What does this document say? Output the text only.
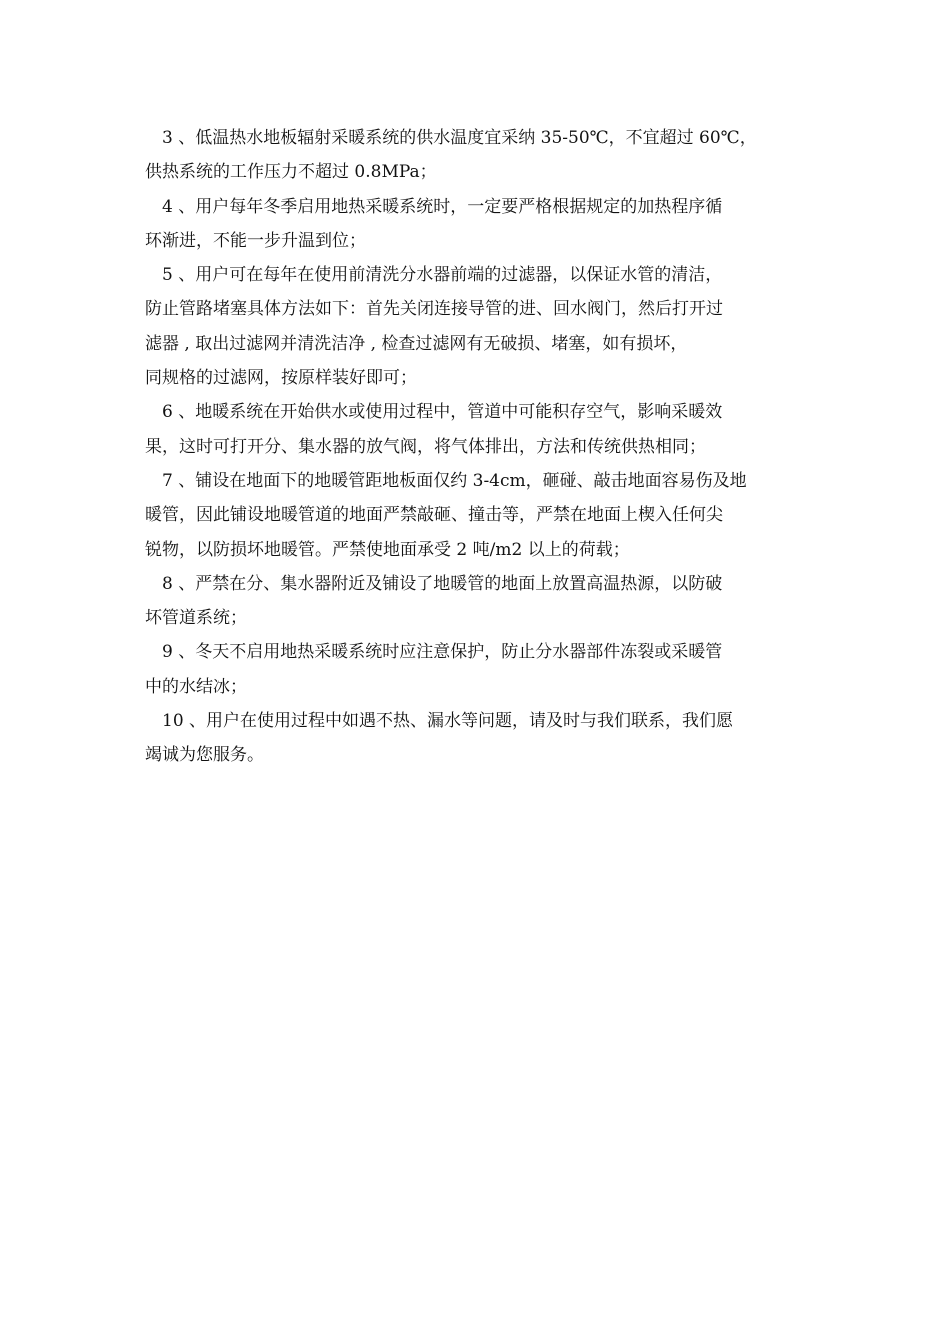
3 、低温热水地板辐射采暖系统的供水温度宜采纳 35-50℃，不宜超过 60℃，
供热系统的工作压力不超过 0.8MPa；

4 、用户每年冬季启用地热采暖系统时，一定要严格根据规定的加热程序循
环渐进，不能一步升温到位；

5 、用户可在每年在使用前清洗分水器前端的过滤器，以保证水管的清洁，
防止管路堵塞具体方法如下：首先关闭连接导管的进、回水阀门，然后打开过
滤器 , 取出过滤网并清洗洁净 , 检查过滤网有无破损、堵塞，如有损坏，
同规格的过滤网，按原样装好即可；

6 、地暖系统在开始供水或使用过程中，管道中可能积存空气，影响采暖效
果，这时可打开分、集水器的放气阀，将气体排出，方法和传统供热相同；

7 、铺设在地面下的地暖管距地板面仅约 3-4cm，砸碰、敲击地面容易伤及地
暖管，因此铺设地暖管道的地面严禁敲砸、撞击等，严禁在地面上楔入任何尖
锐物，以防损坏地暖管。严禁使地面承受 2 吨/m2 以上的荷载；

8 、严禁在分、集水器附近及铺设了地暖管的地面上放置高温热源，以防破
坏管道系统；

9 、冬天不启用地热采暖系统时应注意保护，防止分水器部件冻裂或采暖管
中的水结冰；

10 、用户在使用过程中如遇不热、漏水等问题，请及时与我们联系，我们愿
竭诚为您服务。
